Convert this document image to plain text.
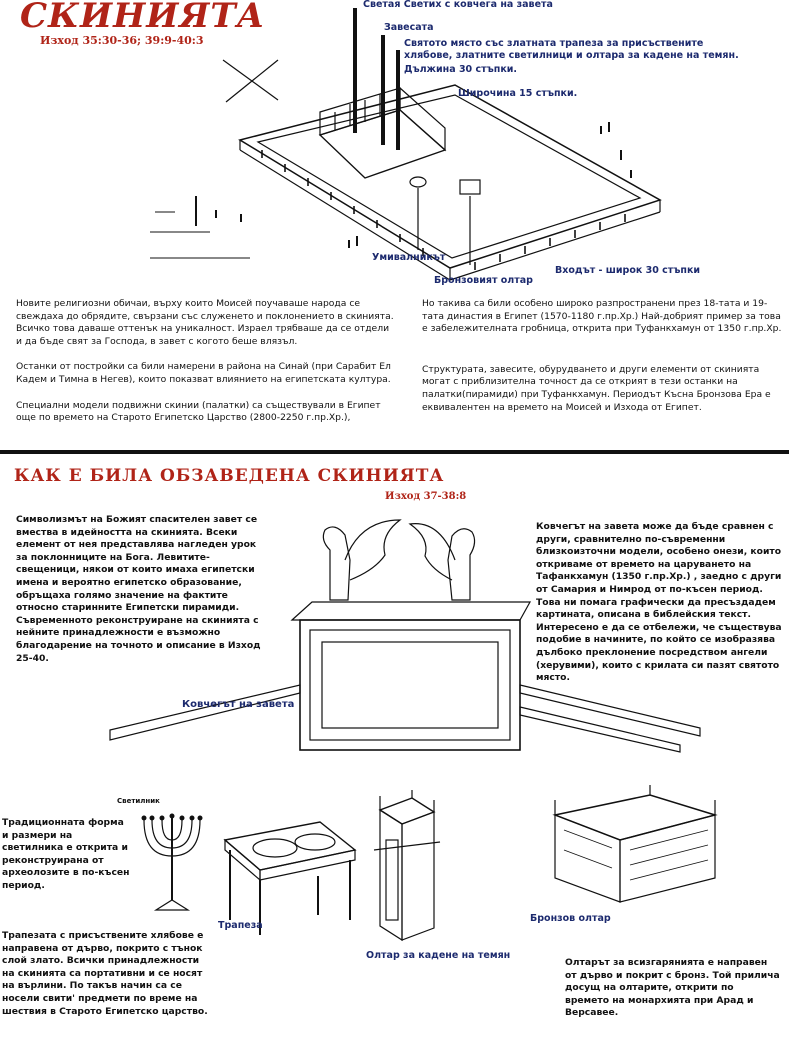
СКИНИЯТА
Изход 35:30-36; 39:9-40:3
Светая Светих с ковчега на завета
Завесата
Святото място със златната трапеза за присъствените хлябове, златните светилници и олтара за кадене на темян.
Дължина 30 стъпки.
Широчина 15 стъпки.
Умивалникът
Бронзовият олтар
Входът - широк 30 стъпки

Новите религиозни обичаи, върху които Моисей поучаваше народа се свеждаха до обрядите, свързани със служенето и поклонението в скинията. Всичко това даваше оттенък на уникалност. Израел трябваше да се отдели и да бъде свят за Господа, в завет с когото беше влязъл.

Останки от постройки са били намерени в района на Синай (при Сарабит Ел Кадем и Тимна в Негев), които показват влиянието на египетската култура.

Специални модели подвижни скинии (палатки) са съществували в Египет още по времето на Старото Египетско Царство (2800-2250 г.пр.Хр.),

Но такива са били особено широко разпространени през 18-тата и 19-тата династия в Египет (1570-1180 г.пр.Хр.) Най-добрият пример за това е забележителната гробница, открита при Туфанкхамун от 1350 г.пр.Хр.

Структурата, завесите, обурудването и други елементи от скинията могат с приблизителна точност да се открият в тези останки на палатки(пирамиди) при Туфанкхамун. Периодът Късна Бронзова Ера е еквивалентен на времето на Моисей и Изхода от Египет.

КАК Е БИЛА ОБЗАВЕДЕНА СКИНИЯТА
Изход 37-38:8

Символизмът на Божият спасителен завет се вмества в идейността на скинията. Всеки елемент от нея представлява нагледен урок за поклонниците на Бога. Левитите-свещеници, някои от които имаха египетски имена и вероятно египетско образование, обръщаха голямо значение на фактите относно старинните Египетски пирамиди. Съвременното реконструиране на скинията с нейните принадлежности е възможно благодарение на точното и описание в Изход 25-40.

Ковчегът на завета може да бъде сравнен с други, сравнително по-съвременни близкоизточни модели, особено онези, които откриваме от времето на царуването на Тафанкхамун (1350 г.пр.Хр.) , заедно с други от Самария и Нимрод от по-късен период. Това ни помага графически да пресъздадем картината, описана в библейския текст. Интересено е да се отбележи, че съществува подобие в начините, по който се изобразява дълбоко преклонение посредством ангели (херувими), които с крилата си пазят святото място.

Ковчегът на завета
Светилник

Традиционната форма и размери на светилника е открита и реконструирана от археолозите в по-късен период.

Трапеза

Трапезата с присъствените хлябове е направена от дърво, покрито с тънок слой злато. Всички принадлежности на скинията са портативни и се носят на върлини. По такъв начин са се носели свити' предмети по време на шествия в Старото Египетско царство.

Олтар за кадене на темян
Бронзов олтар

Олтарът за всизгарянията е направен от дърво и покрит с бронз. Той прилича досущ на олтарите, открити по времето на монархията при Арад и Версавее.
